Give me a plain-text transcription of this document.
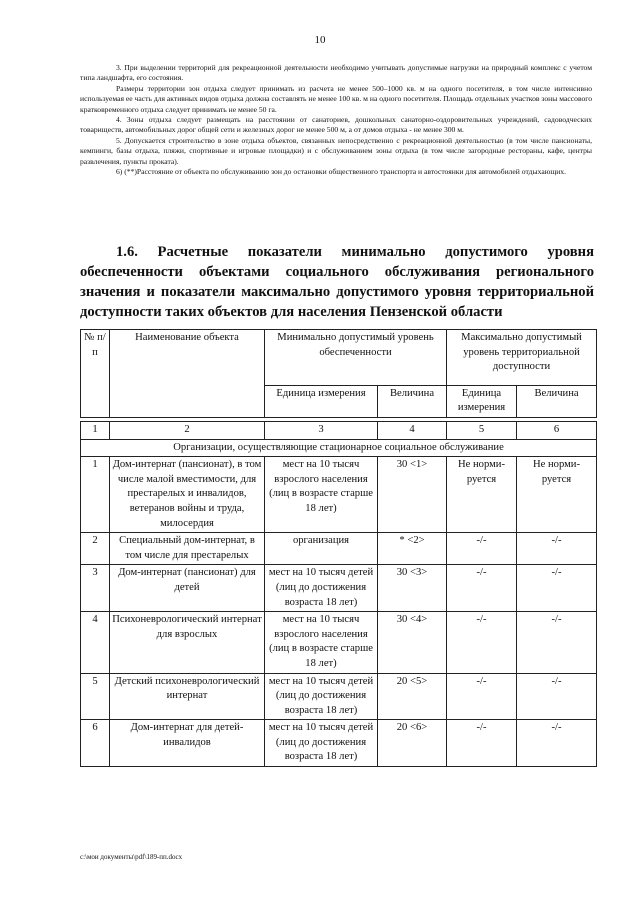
10

3. При выделении территорий для рекреационной деятельности необходимо учитывать допустимые нагрузки на природный комплекс с учетом типа ландшафта, его состояния.

Размеры территории зон отдыха следует принимать из расчета не менее 500–1000 кв. м на одного посетителя, в том числе интенсивно используемая ее часть для активных видов отдыха должна составлять не менее 100 кв. м на одного посетителя. Площадь отдельных участков зоны массового кратковременного отдыха следует принимать не менее 50 га.

4. Зоны отдыха следует размещать на расстоянии от санаториев, дошкольных санаторно-оздоровительных учреждений, садоводческих товариществ, автомобильных дорог общей сети и железных дорог не менее 500 м, а от домов отдыха - не менее 300 м.

5. Допускается строительство в зоне отдыха объектов, связанных непосредственно с рекреационной деятельностью (в том числе пансионаты, кемпинги, базы отдыха, пляжи, спортивные и игровые площадки) и с обслуживанием зоны отдыха (в том числе загородные рестораны, кафе, центры развлечения, пункты проката).

6) (**)Расстояние от объекта по обслуживанию зон до остановки общественного транспорта и автостоянки для автомобилей отдыхающих.

1.6. Расчетные показатели минимально допустимого уровня обеспеченности объектами социального обслуживания регионального значения и показатели максимально допустимого уровня территориальной доступности таких объектов для населения Пензенской области
№ п/п	Наименование объекта	Минимально допустимый уровень обеспеченности		Максимально допустимый уровень территориальной доступности	
		Единица измерения	Величина	Единица измерения	Величина

1	2	3	4	5	6
Организации, осуществляющие стационарное социальное обслуживание					
1	Дом-интернат (пансионат), в том числе малой вместимости, для престарелых и инвалидов, ветеранов войны и труда, милосердия	мест на 10 тысяч взрослого населения (лиц в возрасте старше 18 лет)	30 <1>	Не норми-руется	Не норми-руется
2	Специальный дом-интернат, в том числе для престарелых	организация	* <2>	-/-	-/-
3	Дом-интернат (пансионат) для детей	мест на 10 тысяч детей (лиц до достижения возраста 18 лет)	30 <3>	-/-	-/-
4	Психоневрологический интернат для взрослых	мест на 10 тысяч взрослого населения (лиц в возрасте старше 18 лет)	30 <4>	-/-	-/-
5	Детский психоневрологический интернат	мест на 10 тысяч детей (лиц до достижения возраста 18 лет)	20 <5>	-/-	-/-
6	Дом-интернат для детей-инвалидов	мест на 10 тысяч детей (лиц до достижения возраста 18 лет)	20 <6>	-/-	-/-
c:\мои документы\pdf\189-пп.docx
